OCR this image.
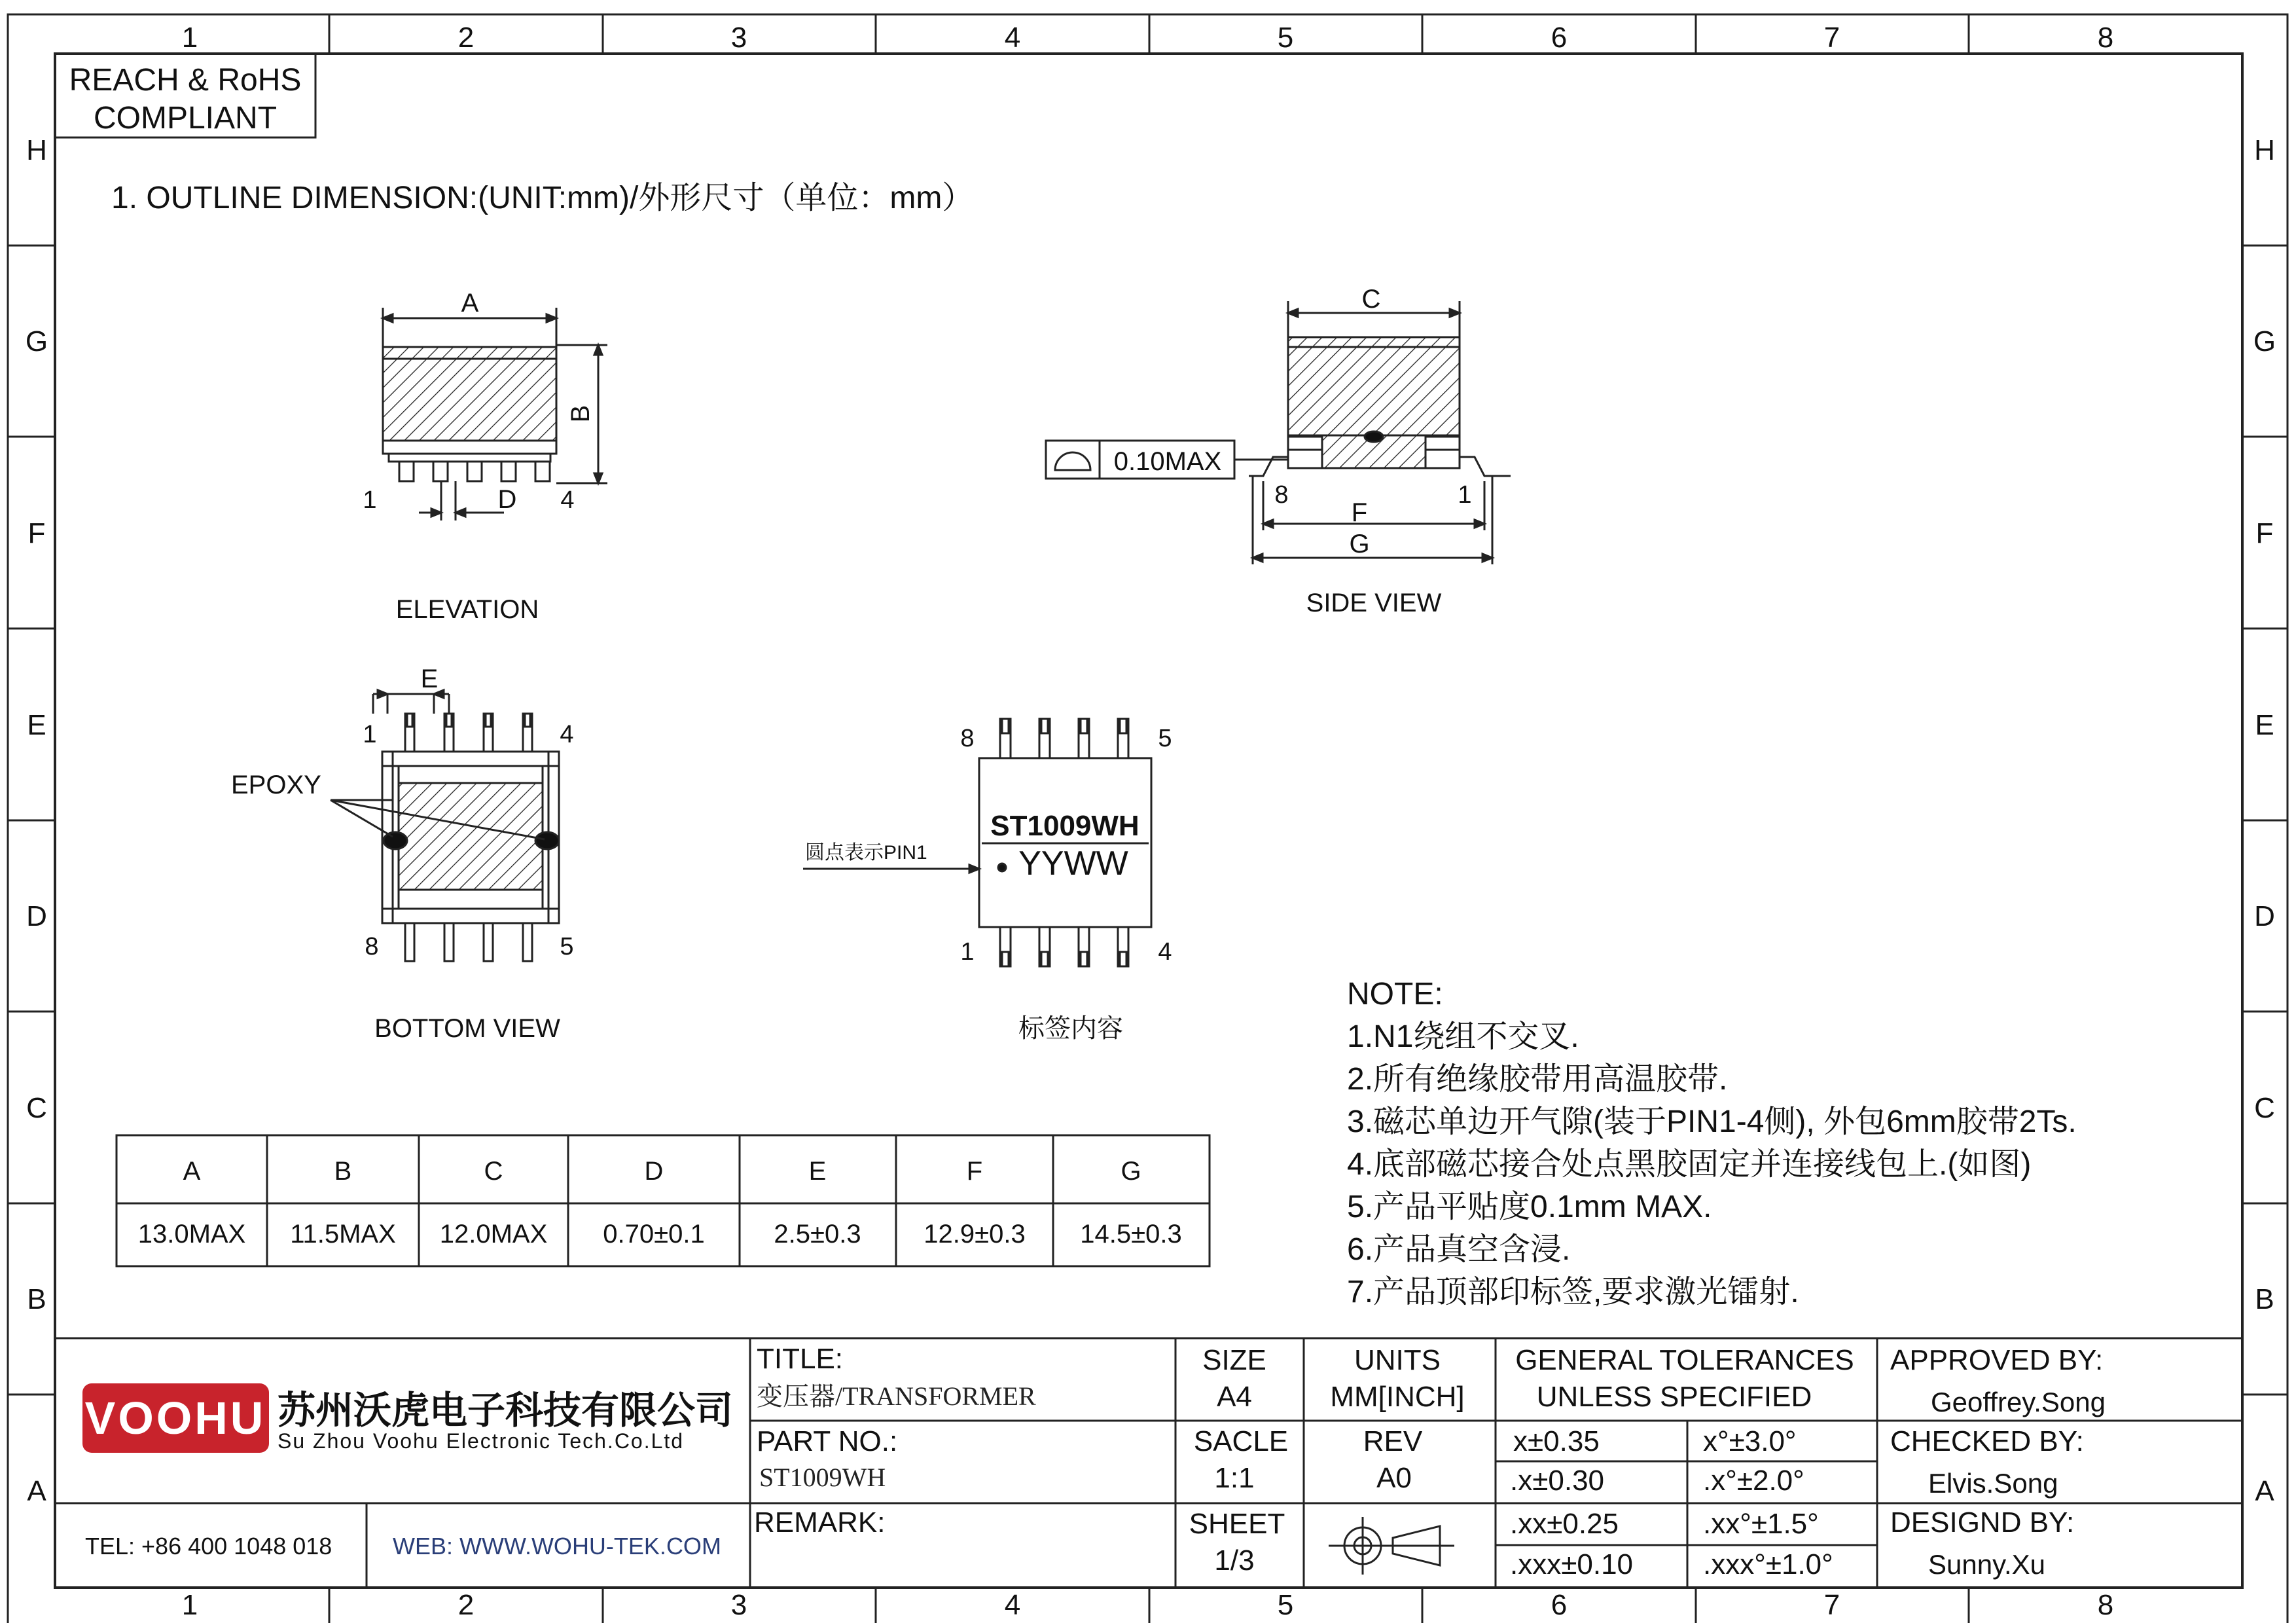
1	2	3	4	5	6	7	8
1	2	3	4	5	6	7	8
H
G
F
E
D
C
B
A
H
G
F
E
D
C
B
A
REACH & RoHS
COMPLIANT
1. OUTLINE DIMENSION:(UNIT:mm)/外形尺寸（单位：mm）
A
B
D
1	4
ELEVATION
C
0.10MAX
8	1
F
G
SIDE VIEW
E
1	4
8	5
EPOXY
BOTTOM VIEW
ST1009WH
YYWW
圆点表示PIN1
8	5
1	4
标签内容
A	B	C	D	E	F	G
13.0MAX 11.5MAX 12.0MAX 0.70±0.1	2.5±0.3 12.9±0.3 14.5±0.3
NOTE:
1.N1绕组不交叉.
2.所有绝缘胶带用高温胶带.
3.磁芯单边开气隙(装于PIN1-4侧), 外包6mm胶带2Ts.
4.底部磁芯接合处点黑胶固定并连接线包上.(如图)
5.产品平贴度0.1mm MAX.
6.产品真空含浸.
7.产品顶部印标签,要求激光镭射.
VOOHU 苏州沃虎电子科技有限公司
Su Zhou Voohu Electronic Tech.Co.Ltd
TEL: +86 400 1048 018	WEB: WWW.WOHU-TEK.COM
TITLE:
变压器/TRANSFORMER
PART NO.:
ST1009WH
REMARK:
SIZE
A4
UNITS
MM[INCH]
SACLE
1:1
REV
A0
SHEET
1/3
GENERAL TOLERANCES
UNLESS SPECIFIED
x±0.35	x°±3.0°
.x±0.30	.x°±2.0°
.xx±0.25	.xx°±1.5°
.xxx±0.10 .xxx°±1.0°
APPROVED BY:
Geoffrey.Song
CHECKED BY:
Elvis.Song
DESIGND BY:
Sunny.Xu
